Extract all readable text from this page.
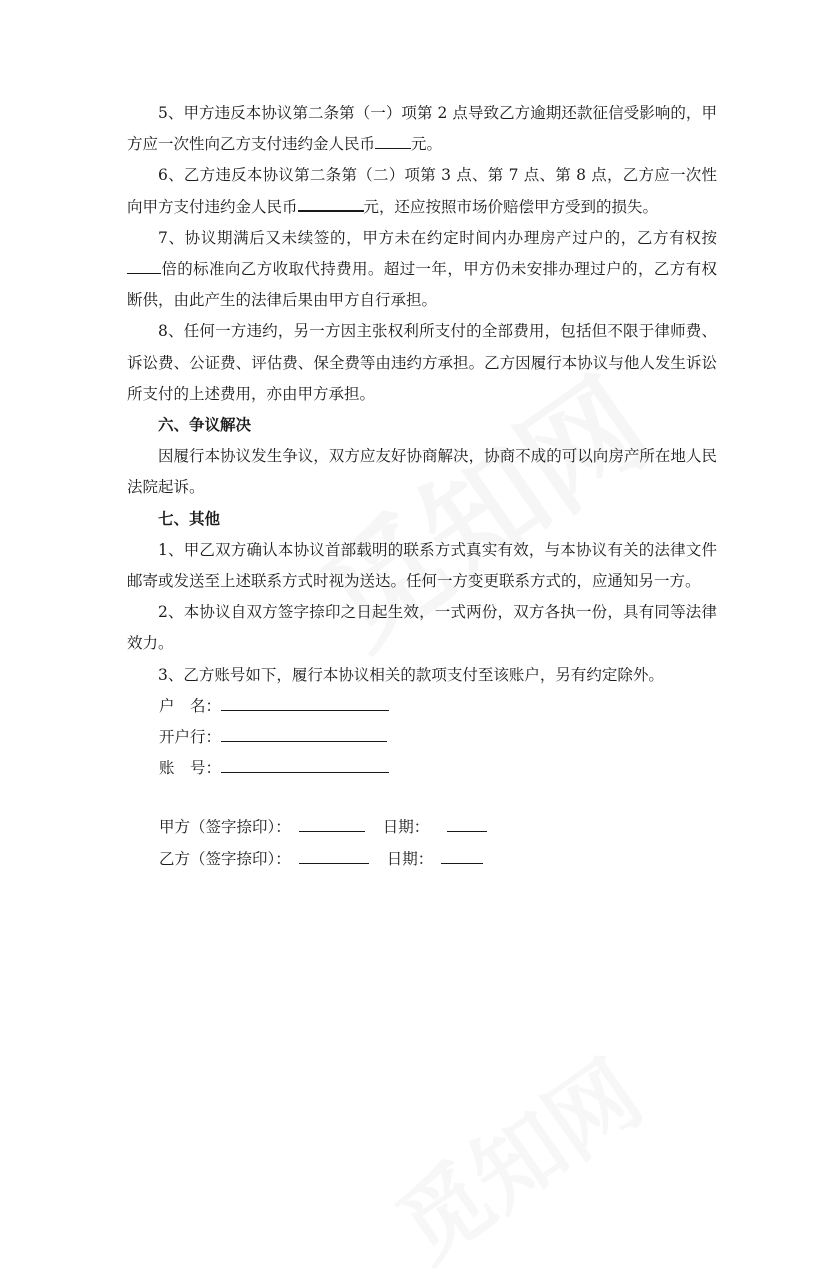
5、甲方违反本协议第二条第（一）项第 2 点导致乙方逾期还款征信受影响的，甲方应一次性向乙方支付违约金人民币 元。

6、乙方违反本协议第二条第（二）项第 3 点、第 7 点、第 8 点，乙方应一次性向甲方支付违约金人民币	元，还应按照市场价赔偿甲方受到的损失。

7、协议期满后又未续签的，甲方未在约定时间内办理房产过户的，乙方有权按倍的标准向乙方收取代持费用。超过一年，甲方仍未安排办理过户的，乙方有权断供，由此产生的法律后果由甲方自行承担。

8、任何一方违约，另一方因主张权利所支付的全部费用，包括但不限于律师费、诉讼费、公证费、评估费、保全费等由违约方承担。乙方因履行本协议与他人发生诉讼所支付的上述费用，亦由甲方承担。

六、争议解决

因履行本协议发生争议，双方应友好协商解决，协商不成的可以向房产所在地人民法院起诉。

七、其他

1、甲乙双方确认本协议首部载明的联系方式真实有效，与本协议有关的法律文件邮寄或发送至上述联系方式时视为送达。任何一方变更联系方式的，应通知另一方。

2、本协议自双方签字捺印之日起生效，一式两份，双方各执一份，具有同等法律效力。

3、乙方账号如下，履行本协议相关的款项支付至该账户，另有约定除外。

户　名：

开户行：

账　号：

甲方（签字捺印）：	日期：

乙方（签字捺印）：	日期：
